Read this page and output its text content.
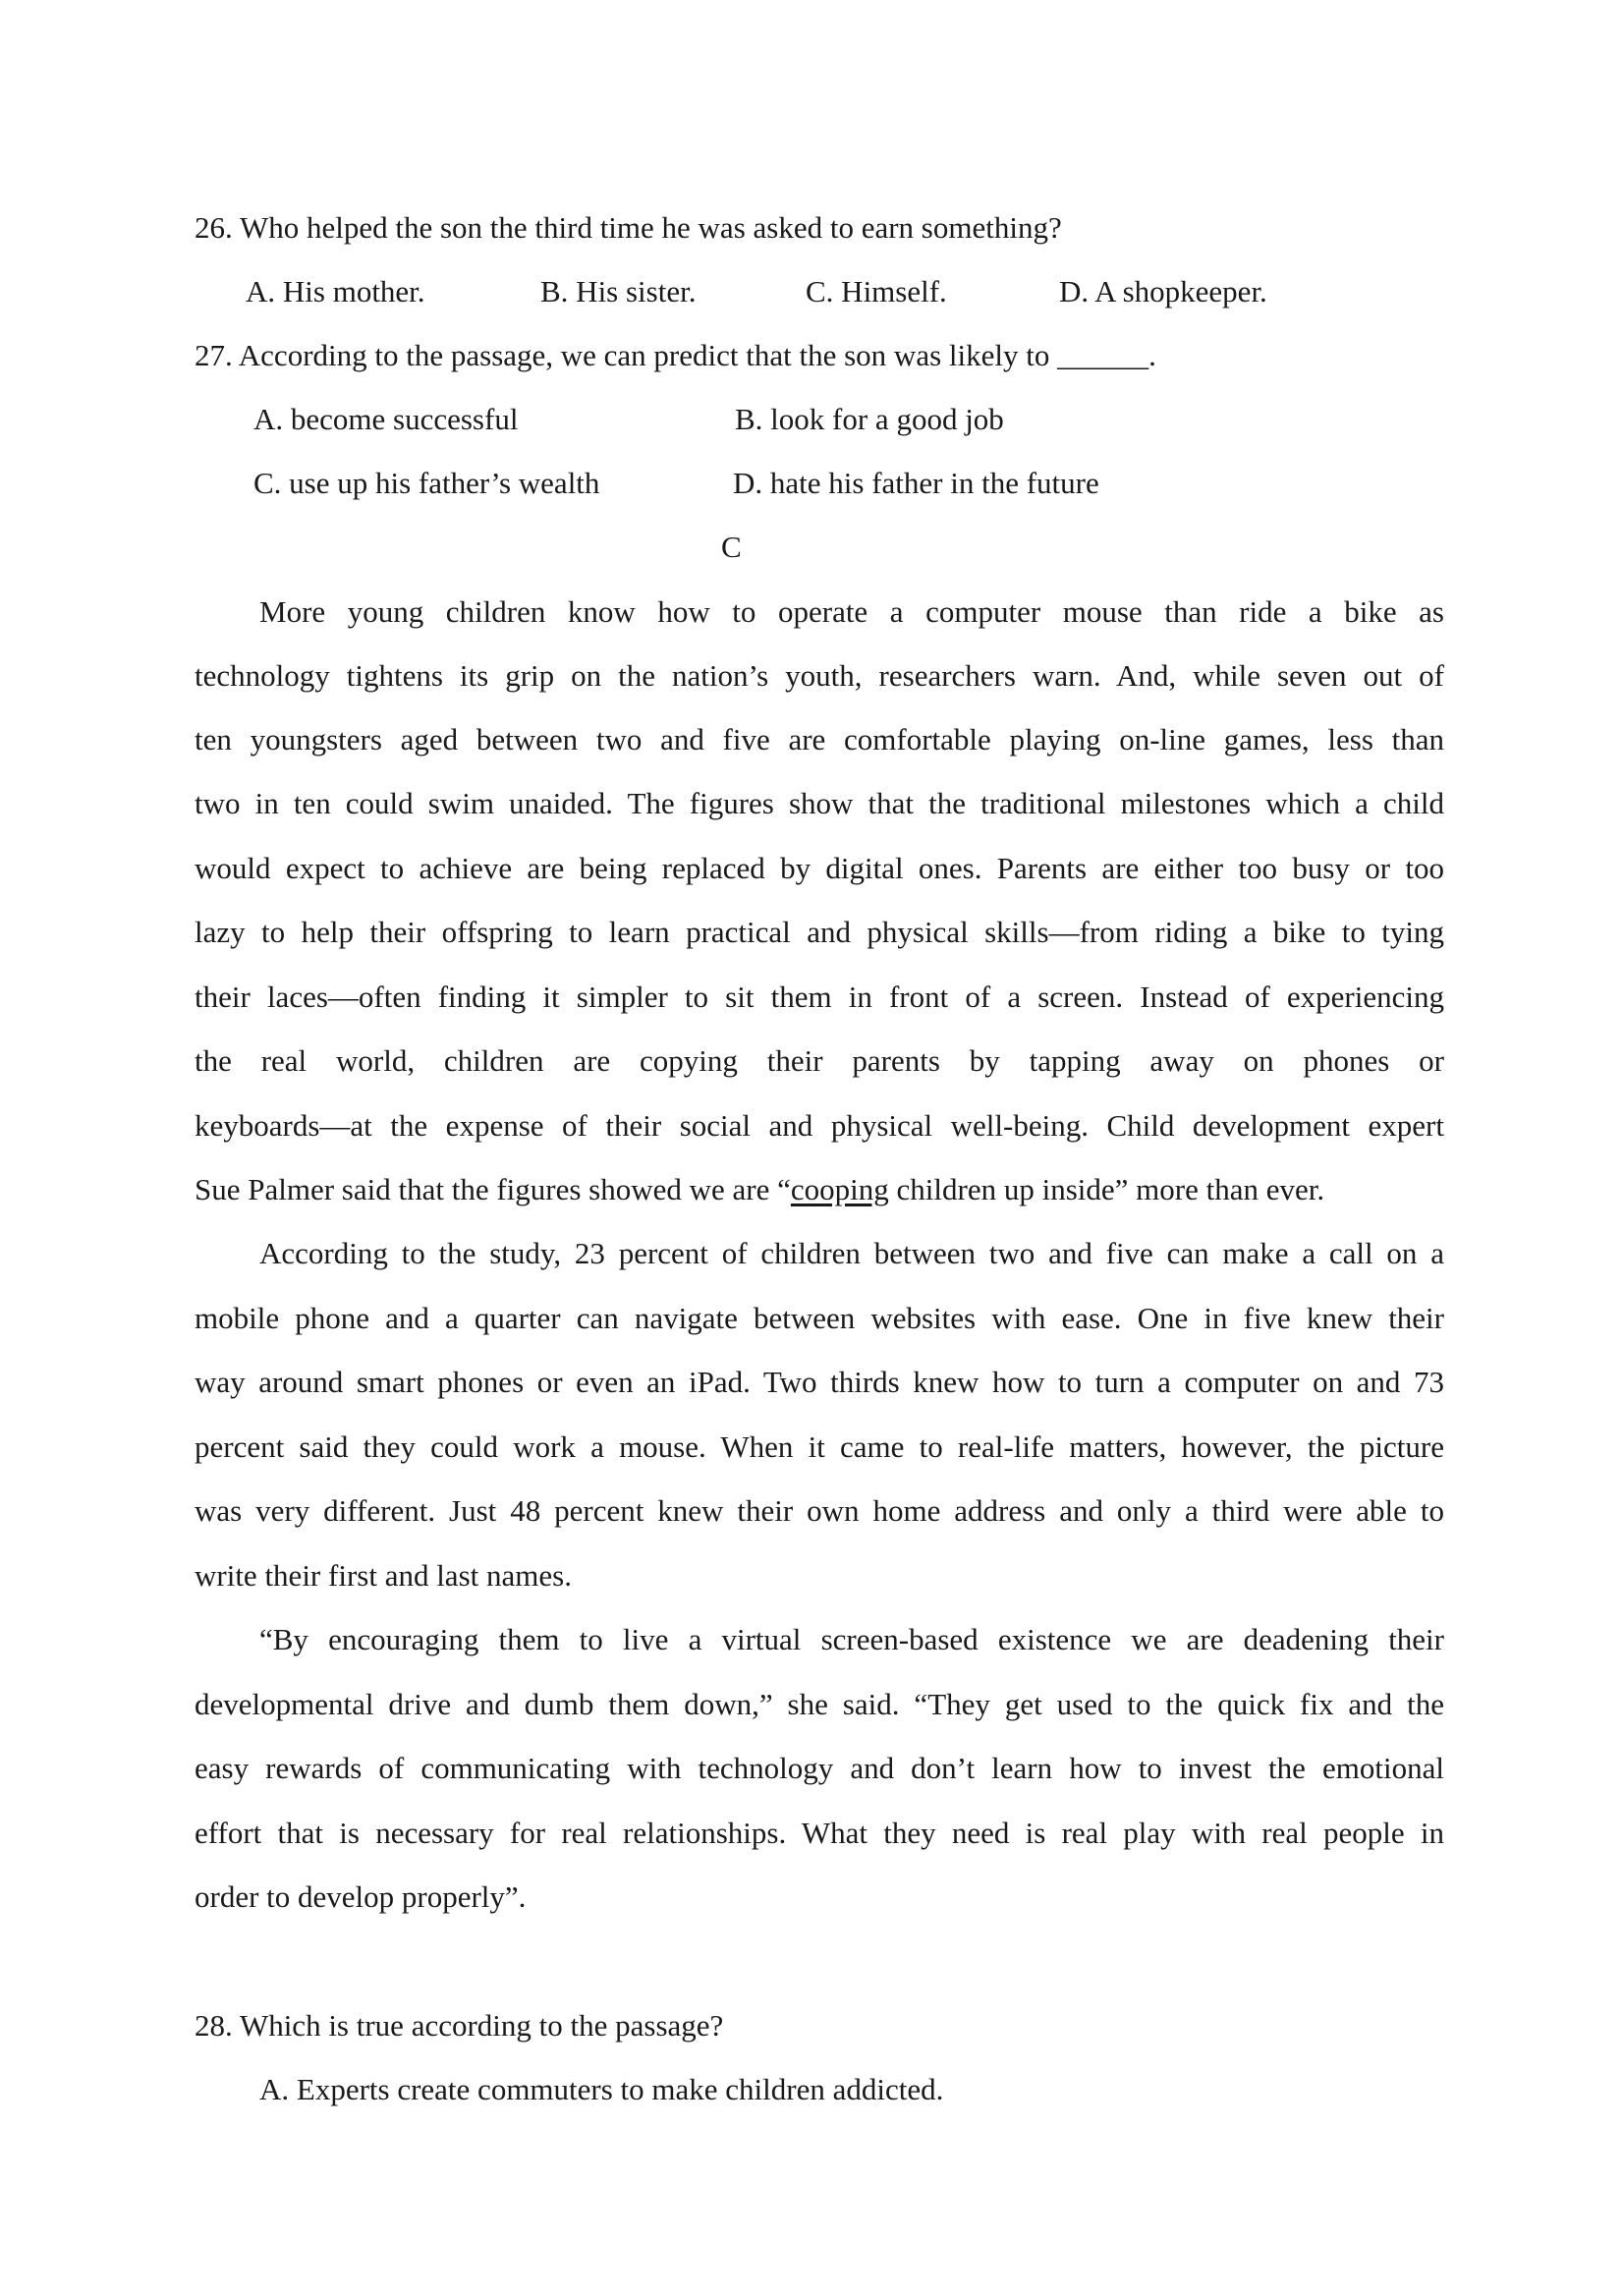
26. Who helped the son the third time he was asked to earn something?
A. His mother.	B. His sister.	C. Himself.	D. A shopkeeper.
27. According to the passage, we can predict that the son was likely to ______.
A. become successful	B. look for a good job
C. use up his father’s wealth	D. hate his father in the future
C
More young children know how to operate a computer mouse than ride a bike as
technology tightens its grip on the nation’s youth, researchers warn. And, while seven out of
ten youngsters aged between two and five are comfortable playing on-line games, less than
two in ten could swim unaided. The figures show that the traditional milestones which a child
would expect to achieve are being replaced by digital ones. Parents are either too busy or too
lazy to help their offspring to learn practical and physical skills—from riding a bike to tying
their laces—often finding it simpler to sit them in front of a screen. Instead of experiencing
the real world, children are copying their parents by tapping away on phones or
keyboards—at the expense of their social and physical well-being. Child development expert
Sue Palmer said that the figures showed we are “cooping children up inside” more than ever.
According to the study, 23 percent of children between two and five can make a call on a
mobile phone and a quarter can navigate between websites with ease. One in five knew their
way around smart phones or even an iPad. Two thirds knew how to turn a computer on and 73
percent said they could work a mouse. When it came to real-life matters, however, the picture
was very different. Just 48 percent knew their own home address and only a third were able to
write their first and last names.
“By encouraging them to live a virtual screen-based existence we are deadening their
developmental drive and dumb them down,” she said. “They get used to the quick fix and the
easy rewards of communicating with technology and don’t learn how to invest the emotional
effort that is necessary for real relationships. What they need is real play with real people in
order to develop properly”.
28. Which is true according to the passage?
A. Experts create commuters to make children addicted.
